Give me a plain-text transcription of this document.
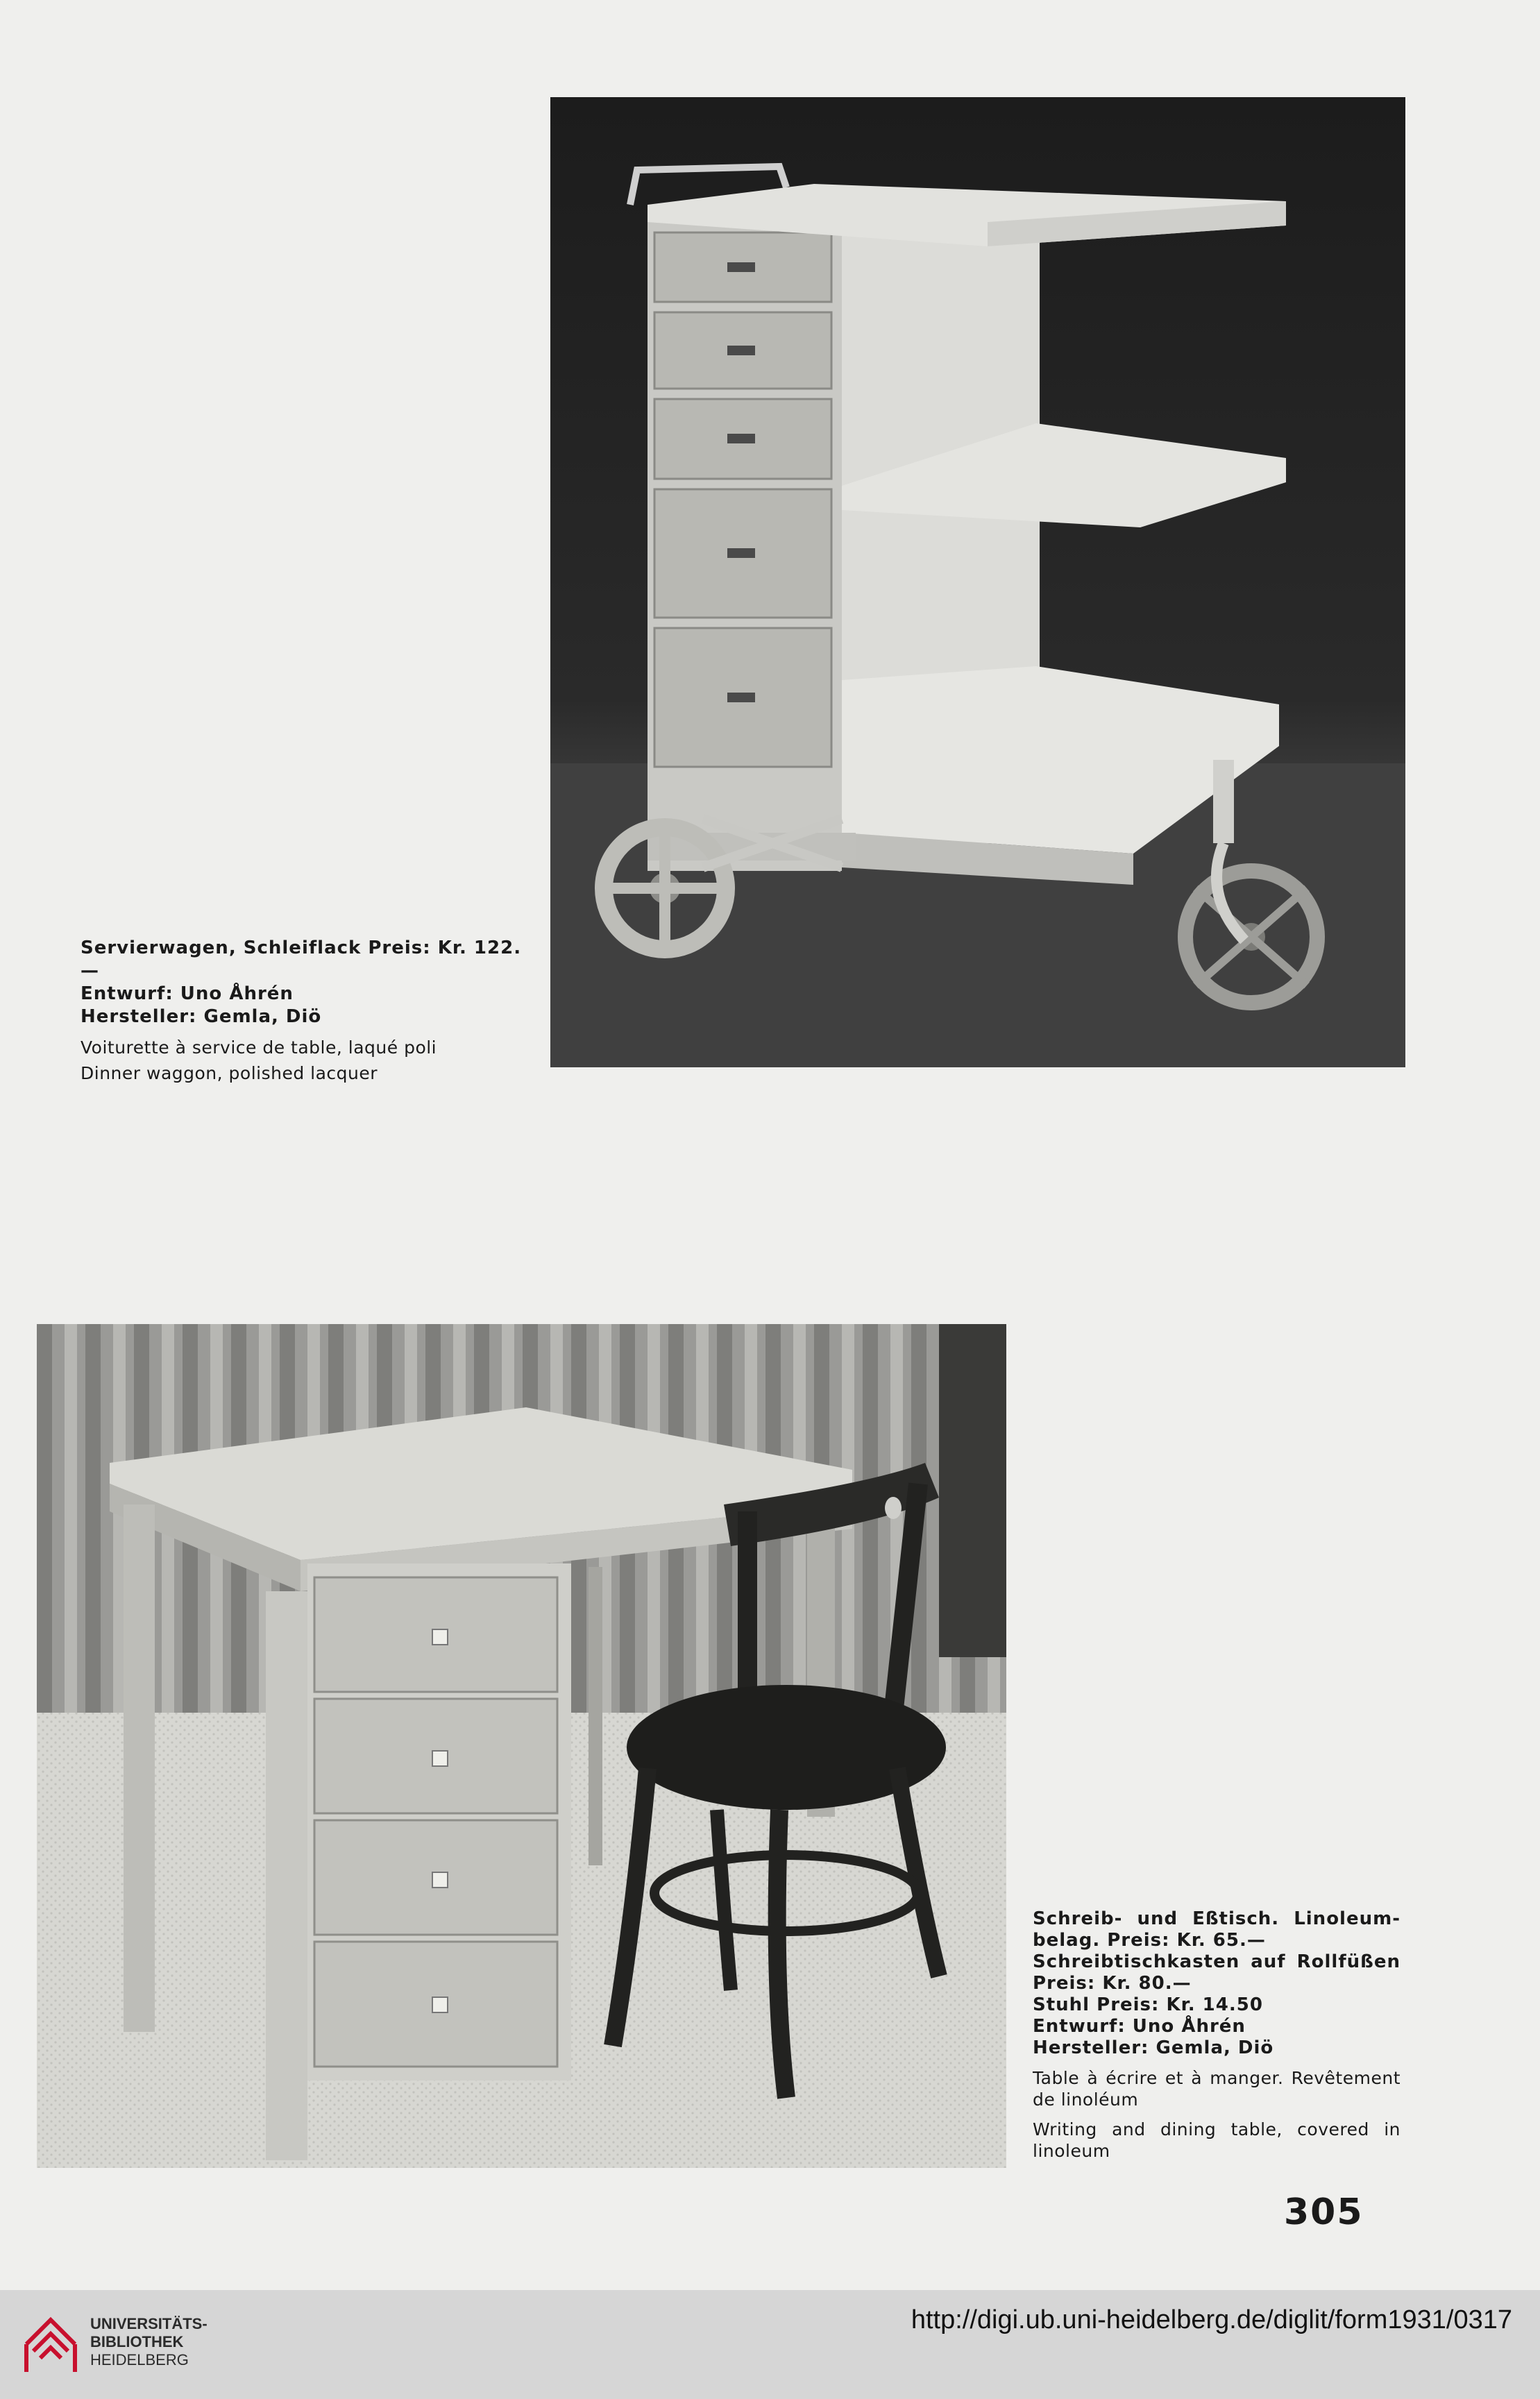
Servierwagen, Schleiflack Preis: Kr. 122.—
Entwurf: Uno Åhrén
Hersteller: Gemla, Diö
Voiturette à service de table, laqué poli
Dinner waggon, polished lacquer
Schreib- und Eßtisch. Linoleum-
belag. Preis: Kr. 65.—
Schreibtischkasten auf Rollfüßen
Preis: Kr. 80.—
Stuhl Preis: Kr. 14.50
Entwurf: Uno Åhrén
Hersteller: Gemla, Diö
Table à écrire et à manger. Revêtement de linoléum
Writing and dining table, covered in linoleum
305
UNIVERSITÄTS-
BIBLIOTHEK
HEIDELBERG
http://digi.ub.uni-heidelberg.de/diglit/form1931/0317
